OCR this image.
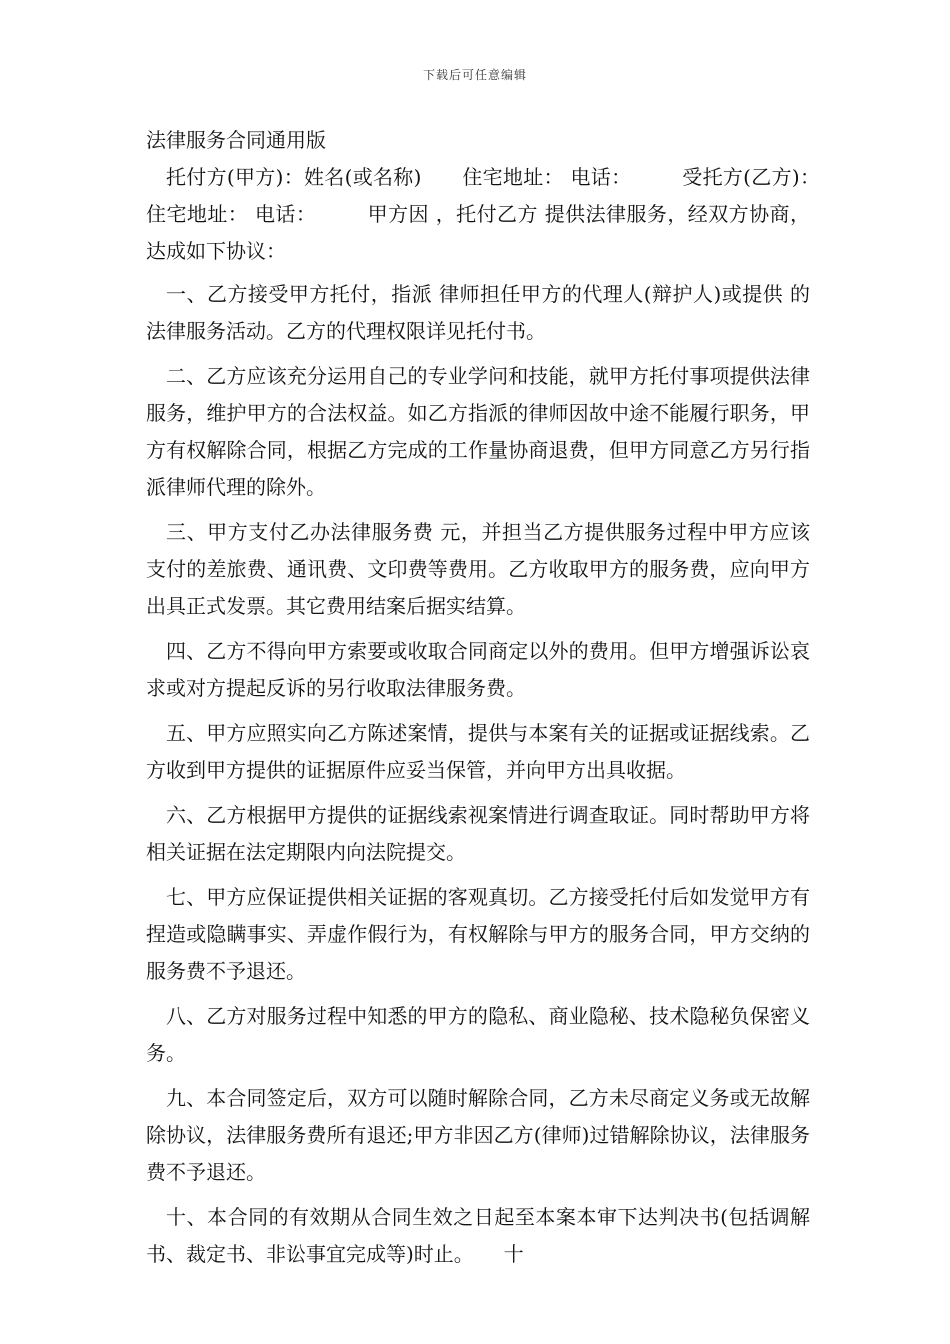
下载后可任意编辑

法律服务合同通用版

托付方(甲方)：姓名(或名称)　　住宅地址： 电话：　　　受托方(乙方)：　　　住宅地址： 电话：　　　甲方因 ，托付乙方 提供法律服务，经双方协商，达成如下协议：

一、乙方接受甲方托付，指派 律师担任甲方的代理人(辩护人)或提供 的法律服务活动。乙方的代理权限详见托付书。

二、乙方应该充分运用自己的专业学问和技能，就甲方托付事项提供法律服务，维护甲方的合法权益。如乙方指派的律师因故中途不能履行职务，甲方有权解除合同，根据乙方完成的工作量协商退费，但甲方同意乙方另行指派律师代理的除外。

三、甲方支付乙办法律服务费 元，并担当乙方提供服务过程中甲方应该支付的差旅费、通讯费、文印费等费用。乙方收取甲方的服务费，应向甲方出具正式发票。其它费用结案后据实结算。

四、乙方不得向甲方索要或收取合同商定以外的费用。但甲方增强诉讼哀求或对方提起反诉的另行收取法律服务费。

五、甲方应照实向乙方陈述案情，提供与本案有关的证据或证据线索。乙方收到甲方提供的证据原件应妥当保管，并向甲方出具收据。

六、乙方根据甲方提供的证据线索视案情进行调查取证。同时帮助甲方将相关证据在法定期限内向法院提交。

七、甲方应保证提供相关证据的客观真切。乙方接受托付后如发觉甲方有捏造或隐瞒事实、弄虚作假行为，有权解除与甲方的服务合同，甲方交纳的服务费不予退还。

八、乙方对服务过程中知悉的甲方的隐私、商业隐秘、技术隐秘负保密义务。

九、本合同签定后，双方可以随时解除合同，乙方未尽商定义务或无故解除协议，法律服务费所有退还;甲方非因乙方(律师)过错解除协议，法律服务费不予退还。

十、本合同的有效期从合同生效之日起至本案本审下达判决书(包括调解书、裁定书、非讼事宜完成等)时止。　　十
